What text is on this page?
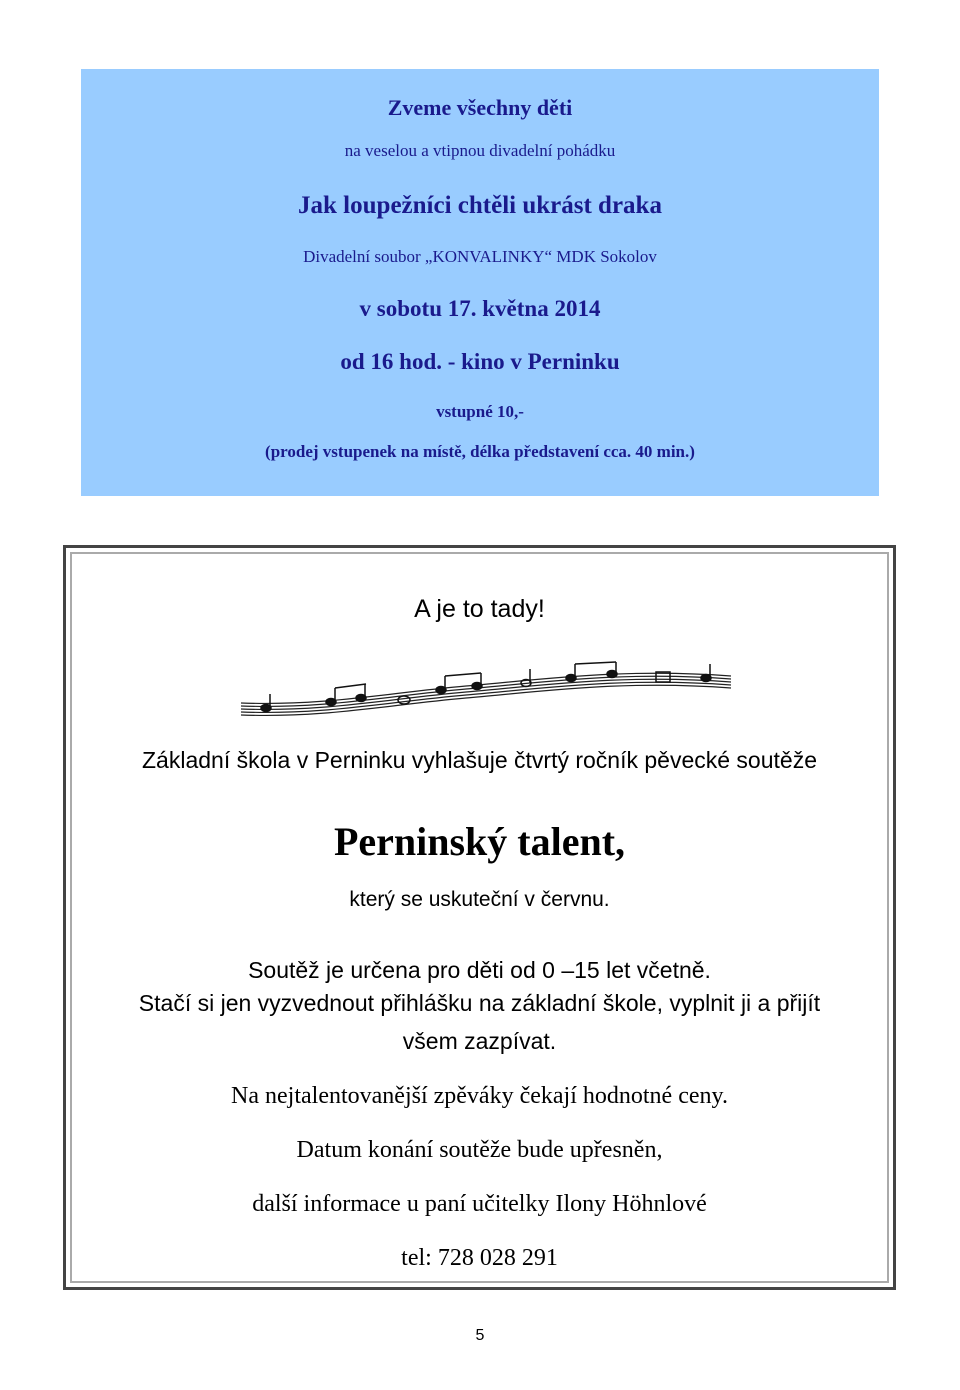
Zveme všechny děti
na veselou a vtipnou divadelní pohádku
Jak loupežníci chtěli ukrást draka
Divadelní soubor „KONVALINKY“ MDK Sokolov
v sobotu 17. května 2014
od 16 hod. - kino v Perninku
vstupné 10,-
(prodej vstupenek na místě, délka představení cca. 40 min.)
A je to tady!
Základní škola v Perninku vyhlašuje čtvrtý ročník pěvecké soutěže
Perninský talent,
který se uskuteční v červnu.
Soutěž je určena pro děti od 0 –15 let včetně.
Stačí si jen vyzvednout přihlášku na základní škole, vyplnit ji a přijít
všem zazpívat.
Na nejtalentovanější zpěváky čekají hodnotné ceny.
Datum konání soutěže bude upřesněn,
další informace u paní učitelky Ilony Höhnlové
tel: 728 028 291
5
